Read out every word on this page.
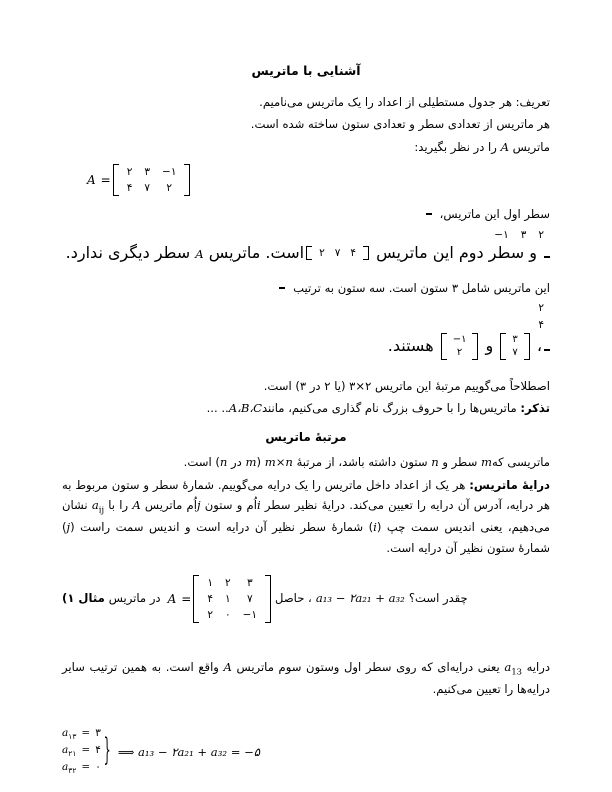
آشنایی با ماتریس

تعریف: هر جدول مستطیلی از اعداد را یک ماتریس می‌نامیم.

هر ماتریس از تعدادی سطر و تعدادی ستون ساخته شده است.

ماتریس A را در نظر بگیرید:

A =
۲	۳	−۱
۴	۷	۲

سطر اول این ماتریس،

−۱	۳	۲
و سطر دوم این ماتریس
۲	۷	۴
است. ماتریس A سطر دیگری ندارد.

این ماتریس شامل ۳ ستون است. سه ستون به ترتیب

۲
۴
،
۳
۷
و
−۱
۲
هستند.

اصطلاحاً می‌گوییم مرتبهٔ این ماتریس ۲×۳ (یا ۲ در ۳) است.

تذکر: ماتریس‌ها را با حروف بزرگ نام گذاری می‌کنیم، مانندA،B،C.. ...

مرتبهٔ ماتریس

ماتریسی کهm سطر و n ستون داشته باشد، از مرتبهٔ m×n (m در n) است.

درایهٔ ماتریس: هر یک از اعداد داخل ماتریس را یک درایه می‌گوییم. شمارهٔ سطر و ستون مربوط به هر درایه، آدرس آن درایه را تعیین می‌کند. درایهٔ نظیر سطر iاُم و ستون jاُم ماتریس A را با $a_{ij}$ نشان می‌دهیم، یعنی اندیس سمت چپ (i) شمارهٔ سطر نظیر آن درایه است و اندیس سمت راست (j) شمارهٔ ستون نظیر آن درایه است.

مثال ۱) در ماتریس A =
۱	۲	۳
۴	۱	۷
۲	۰	−۱
، حاصل a₁₃ − ۲a₂₁ + a₃₂ چقدر است؟

درایه $a_{13}$ یعنی درایه‌ای که روی سطر اول وستون سوم ماتریس A واقع است. به همین ترتیب سایر درایه‌ها را تعیین می‌کنیم.

$a_{۱۳}$ = ۳
$a_{۲۱}$ = ۴
$a_{۳۲}$ = ۰
}
⟹ a₁₃ − ۲a₂₁ + a₃₂ = −۵
